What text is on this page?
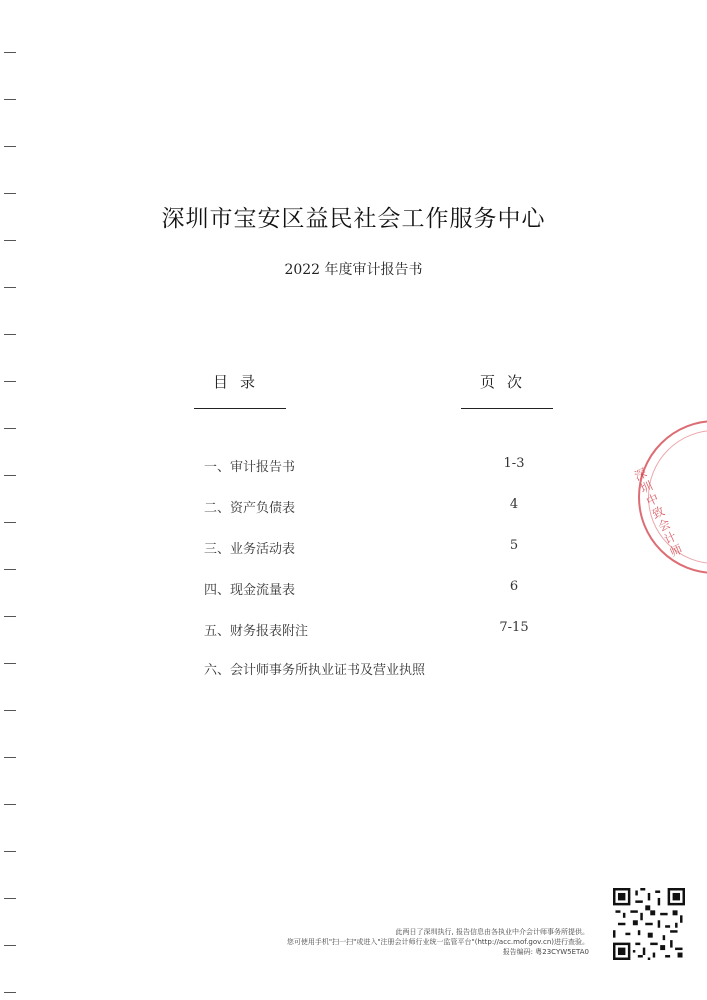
深圳市宝安区益民社会工作服务中心
2022 年度审计报告书
目录	页次
一、审计报告书	1-3
二、资产负债表	4
三、业务活动表	5
四、现金流量表	6
五、财务报表附注	7-15
六、会计师事务所执业证书及营业执照
深圳中致会计师
此两日了深圳执行, 报告信息由各执业中介会计师事务所提供。
您可使用手机"扫一扫"或进入"注册会计师行业统一监管平台"(http://acc.mof.gov.cn)进行查验。
报告编码: 粤23CYW5ETA0
